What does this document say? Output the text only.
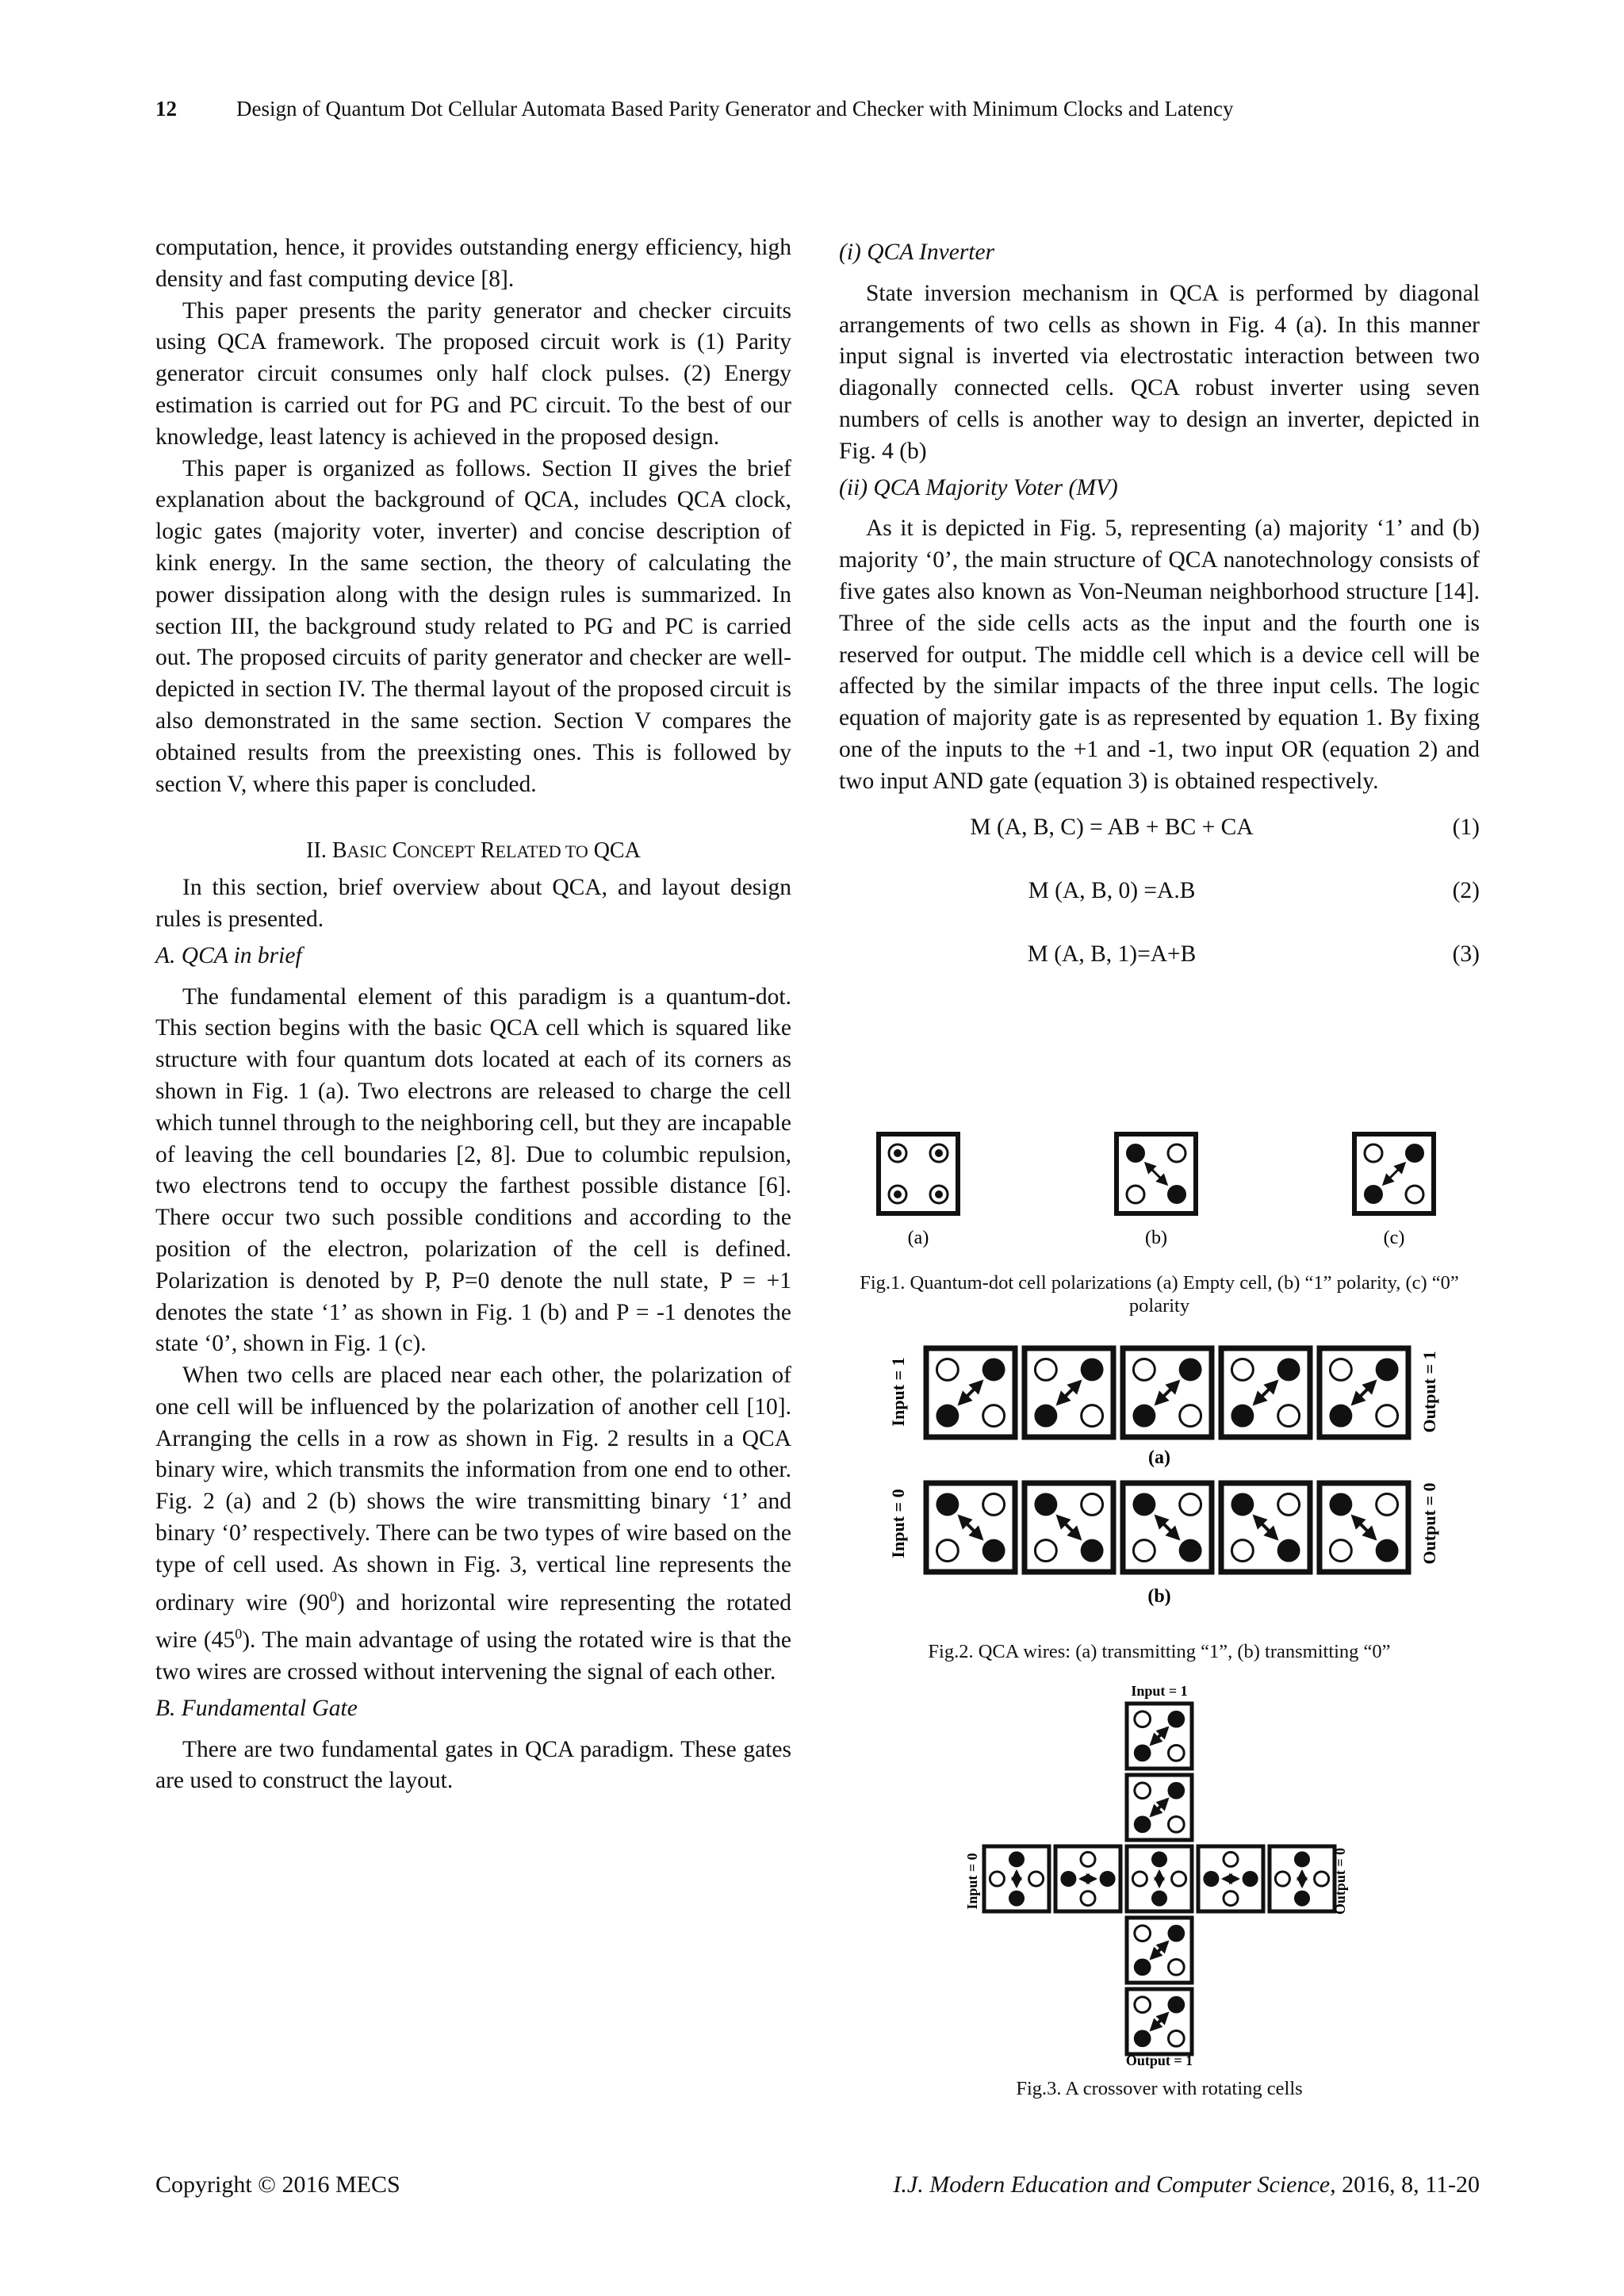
12	Design of Quantum Dot Cellular Automata Based Parity Generator and Checker with Minimum Clocks and Latency

computation, hence, it provides outstanding energy efficiency, high density and fast computing device [8].

This paper presents the parity generator and checker circuits using QCA framework. The proposed circuit work is (1) Parity generator circuit consumes only half clock pulses. (2) Energy estimation is carried out for PG and PC circuit. To the best of our knowledge, least latency is achieved in the proposed design.

This paper is organized as follows. Section II gives the brief explanation about the background of QCA, includes QCA clock, logic gates (majority voter, inverter) and concise description of kink energy. In the same section, the theory of calculating the power dissipation along with the design rules is summarized. In section III, the background study related to PG and PC is carried out. The proposed circuits of parity generator and checker are well-depicted in section IV. The thermal layout of the proposed circuit is also demonstrated in the same section. Section V compares the obtained results from the preexisting ones. This is followed by section V, where this paper is concluded.

II. BASIC CONCEPT RELATED TO QCA

In this section, brief overview about QCA, and layout design rules is presented.

A. QCA in brief

The fundamental element of this paradigm is a quantum-dot. This section begins with the basic QCA cell which is squared like structure with four quantum dots located at each of its corners as shown in Fig. 1 (a). Two electrons are released to charge the cell which tunnel through to the neighboring cell, but they are incapable of leaving the cell boundaries [2, 8]. Due to columbic repulsion, two electrons tend to occupy the farthest possible distance [6]. There occur two such possible conditions and according to the position of the electron, polarization of the cell is defined. Polarization is denoted by P, P=0 denote the null state, P = +1 denotes the state ‘1’ as shown in Fig. 1 (b) and P = -1 denotes the state ‘0’, shown in Fig. 1 (c).

When two cells are placed near each other, the polarization of one cell will be influenced by the polarization of another cell [10]. Arranging the cells in a row as shown in Fig. 2 results in a QCA binary wire, which transmits the information from one end to other. Fig. 2 (a) and 2 (b) shows the wire transmitting binary ‘1’ and binary ‘0’ respectively. There can be two types of wire based on the type of cell used. As shown in Fig. 3, vertical line represents the ordinary wire $(90^0)$ and horizontal wire representing the rotated wire $(45^0)$. The main advantage of using the rotated wire is that the two wires are crossed without intervening the signal of each other.

B. Fundamental Gate

There are two fundamental gates in QCA paradigm. These gates are used to construct the layout.

(i) QCA Inverter

State inversion mechanism in QCA is performed by diagonal arrangements of two cells as shown in Fig. 4 (a). In this manner input signal is inverted via electrostatic interaction between two diagonally connected cells. QCA robust inverter using seven numbers of cells is another way to design an inverter, depicted in Fig. 4 (b)

(ii) QCA Majority Voter (MV)

As it is depicted in Fig. 5, representing (a) majority ‘1’ and (b) majority ‘0’, the main structure of QCA nanotechnology consists of five gates also known as Von-Neuman neighborhood structure [14]. Three of the side cells acts as the input and the fourth one is reserved for output. The middle cell which is a device cell will be affected by the similar impacts of the three input cells. The logic equation of majority gate is as represented by equation 1. By fixing one of the inputs to the +1 and -1, two input OR (equation 2) and two input AND gate (equation 3) is obtained respectively.

M (A, B, C) = AB + BC + CA	(1)
M (A, B, 0) =A.B	(2)
M (A, B, 1)=A+B	(3)
(a)	(b)	(c)

Fig.1. Quantum-dot cell polarizations (a) Empty cell, (b) “1” polarity, (c) “0” polarity

Input = 1	Output = 1
(a)
Input = 0	Output = 0
(b)

Fig.2. QCA wires: (a) transmitting “1”, (b) transmitting “0”

Input = 1
Output = 1
Input = 0	Output = 0

Fig.3. A crossover with rotating cells

Copyright © 2016 MECS	I.J. Modern Education and Computer Science, 2016, 8, 11-20
